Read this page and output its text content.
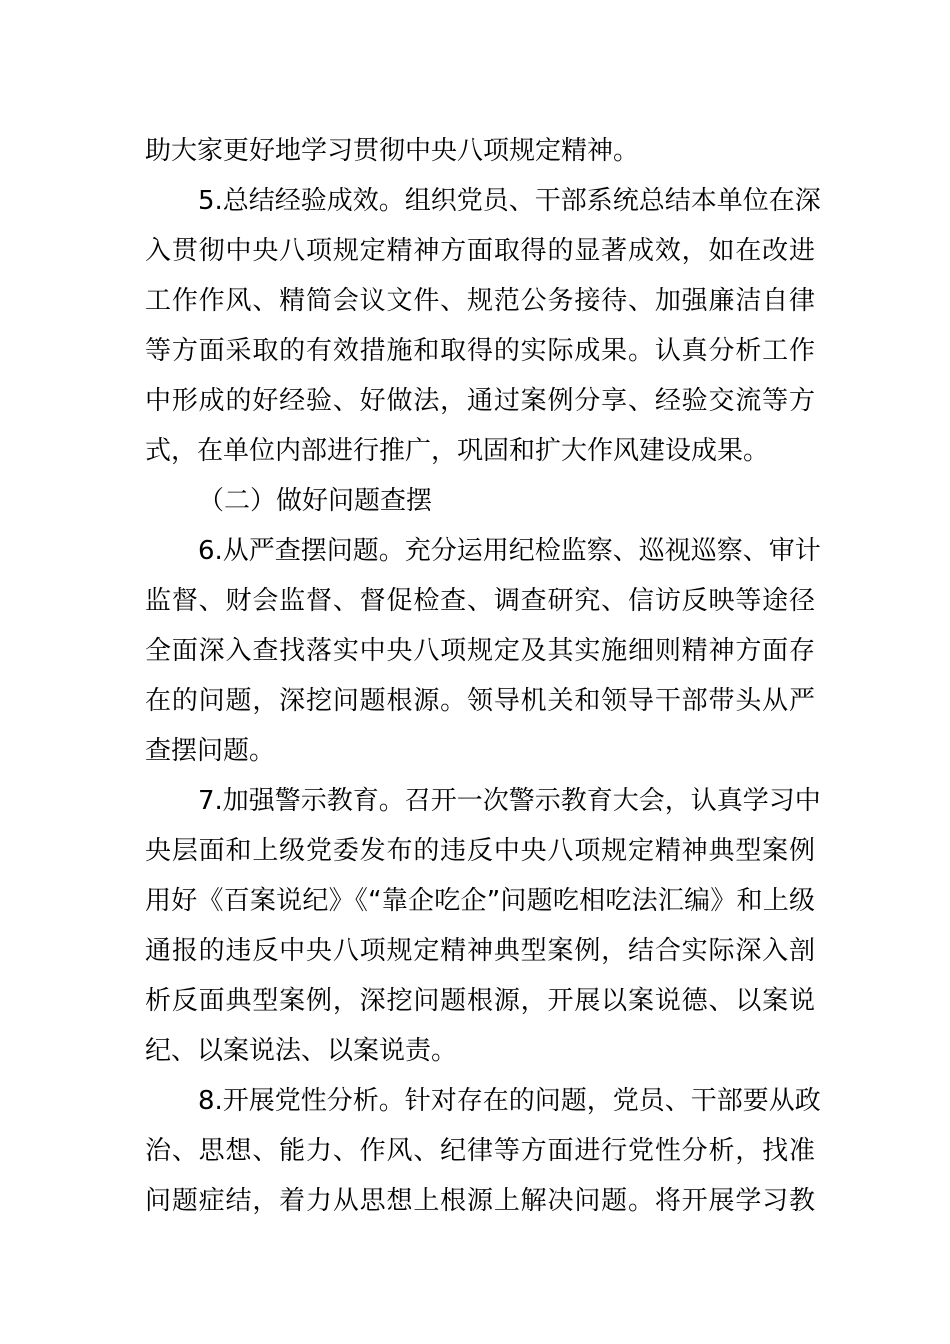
助大家更好地学习贯彻中央八项规定精神。
5.总结经验成效。组织党员、干部系统总结本单位在深
入贯彻中央八项规定精神方面取得的显著成效，如在改进
工作作风、精简会议文件、规范公务接待、加强廉洁自律
等方面采取的有效措施和取得的实际成果。认真分析工作
中形成的好经验、好做法，通过案例分享、经验交流等方
式，在单位内部进行推广，巩固和扩大作风建设成果。
（二）做好问题查摆
6.从严查摆问题。充分运用纪检监察、巡视巡察、审计
监督、财会监督、督促检查、调查研究、信访反映等途径
全面深入查找落实中央八项规定及其实施细则精神方面存
在的问题，深挖问题根源。领导机关和领导干部带头从严
查摆问题。
7.加强警示教育。召开一次警示教育大会，认真学习中
央层面和上级党委发布的违反中央八项规定精神典型案例
用好《百案说纪》《“靠企吃企”问题吃相吃法汇编》和上级
通报的违反中央八项规定精神典型案例，结合实际深入剖
析反面典型案例，深挖问题根源，开展以案说德、以案说
纪、以案说法、以案说责。
8.开展党性分析。针对存在的问题，党员、干部要从政
治、思想、能力、作风、纪律等方面进行党性分析，找准
问题症结，着力从思想上根源上解决问题。将开展学习教
